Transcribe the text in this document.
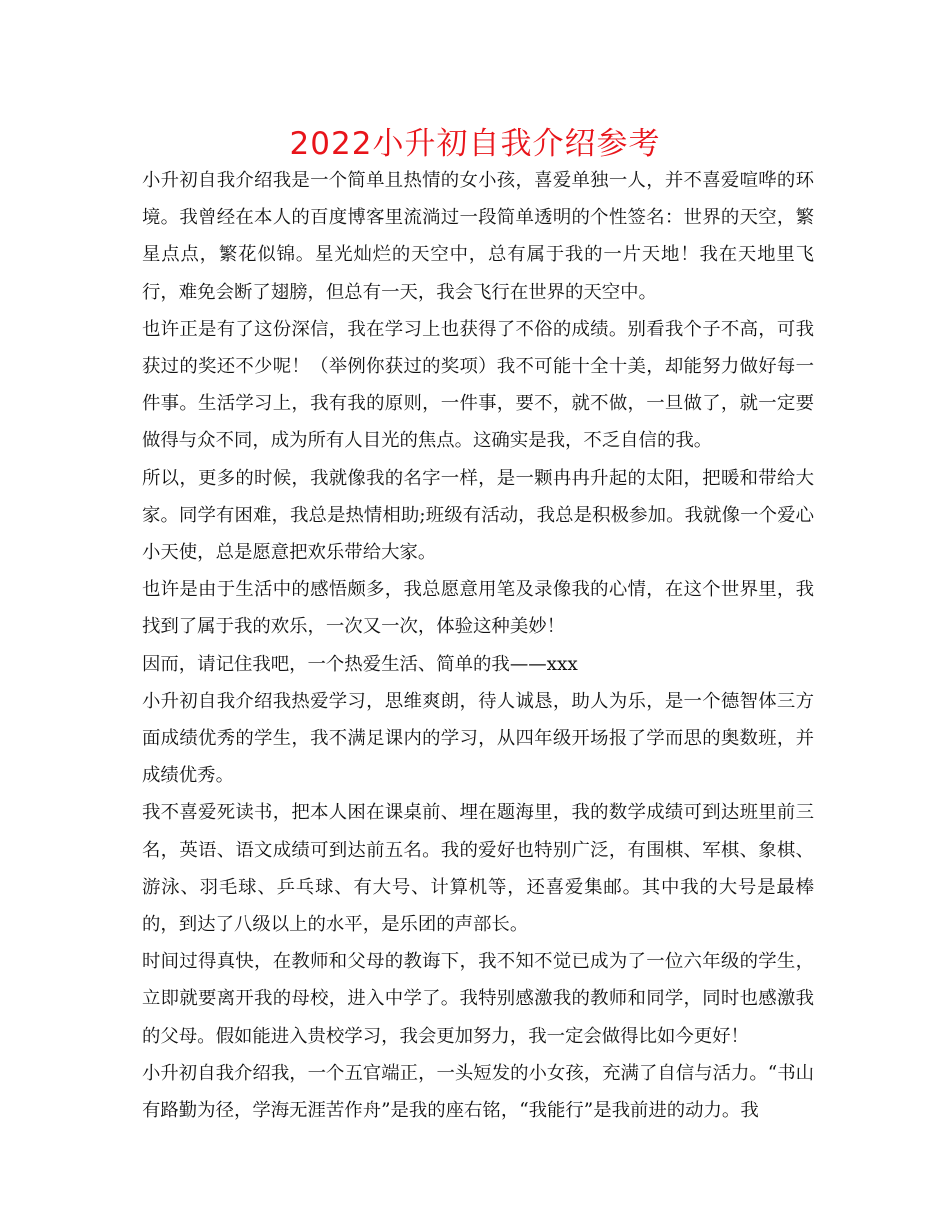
2022小升初自我介绍参考

小升初自我介绍我是一个简单且热情的女小孩，喜爱单独一人，并不喜爱喧哗的环境。我曾经在本人的百度博客里流淌过一段简单透明的个性签名：世界的天空，繁星点点，繁花似锦。星光灿烂的天空中，总有属于我的一片天地！我在天地里飞行，难免会断了翅膀，但总有一天，我会飞行在世界的天空中。

也许正是有了这份深信，我在学习上也获得了不俗的成绩。别看我个子不高，可我获过的奖还不少呢！（举例你获过的奖项）我不可能十全十美，却能努力做好每一件事。生活学习上，我有我的原则，一件事，要不，就不做，一旦做了，就一定要做得与众不同，成为所有人目光的焦点。这确实是我，不乏自信的我。

所以，更多的时候，我就像我的名字一样，是一颗冉冉升起的太阳，把暖和带给大家。同学有困难，我总是热情相助;班级有活动，我总是积极参加。我就像一个爱心小天使，总是愿意把欢乐带给大家。

也许是由于生活中的感悟颇多，我总愿意用笔及录像我的心情，在这个世界里，我找到了属于我的欢乐，一次又一次，体验这种美妙！

因而，请记住我吧，一个热爱生活、简单的我——xxx

小升初自我介绍我热爱学习，思维爽朗，待人诚恳，助人为乐，是一个德智体三方面成绩优秀的学生，我不满足课内的学习，从四年级开场报了学而思的奥数班，并成绩优秀。

我不喜爱死读书，把本人困在课桌前、埋在题海里，我的数学成绩可到达班里前三名，英语、语文成绩可到达前五名。我的爱好也特别广泛，有围棋、军棋、象棋、游泳、羽毛球、乒乓球、有大号、计算机等，还喜爱集邮。其中我的大号是最棒的，到达了八级以上的水平，是乐团的声部长。

时间过得真快，在教师和父母的教诲下，我不知不觉已成为了一位六年级的学生，立即就要离开我的母校，进入中学了。我特别感激我的教师和同学，同时也感激我的父母。假如能进入贵校学习，我会更加努力，我一定会做得比如今更好！

小升初自我介绍我，一个五官端正，一头短发的小女孩，充满了自信与活力。“书山有路勤为径，学海无涯苦作舟”是我的座右铭，“我能行”是我前进的动力。我
